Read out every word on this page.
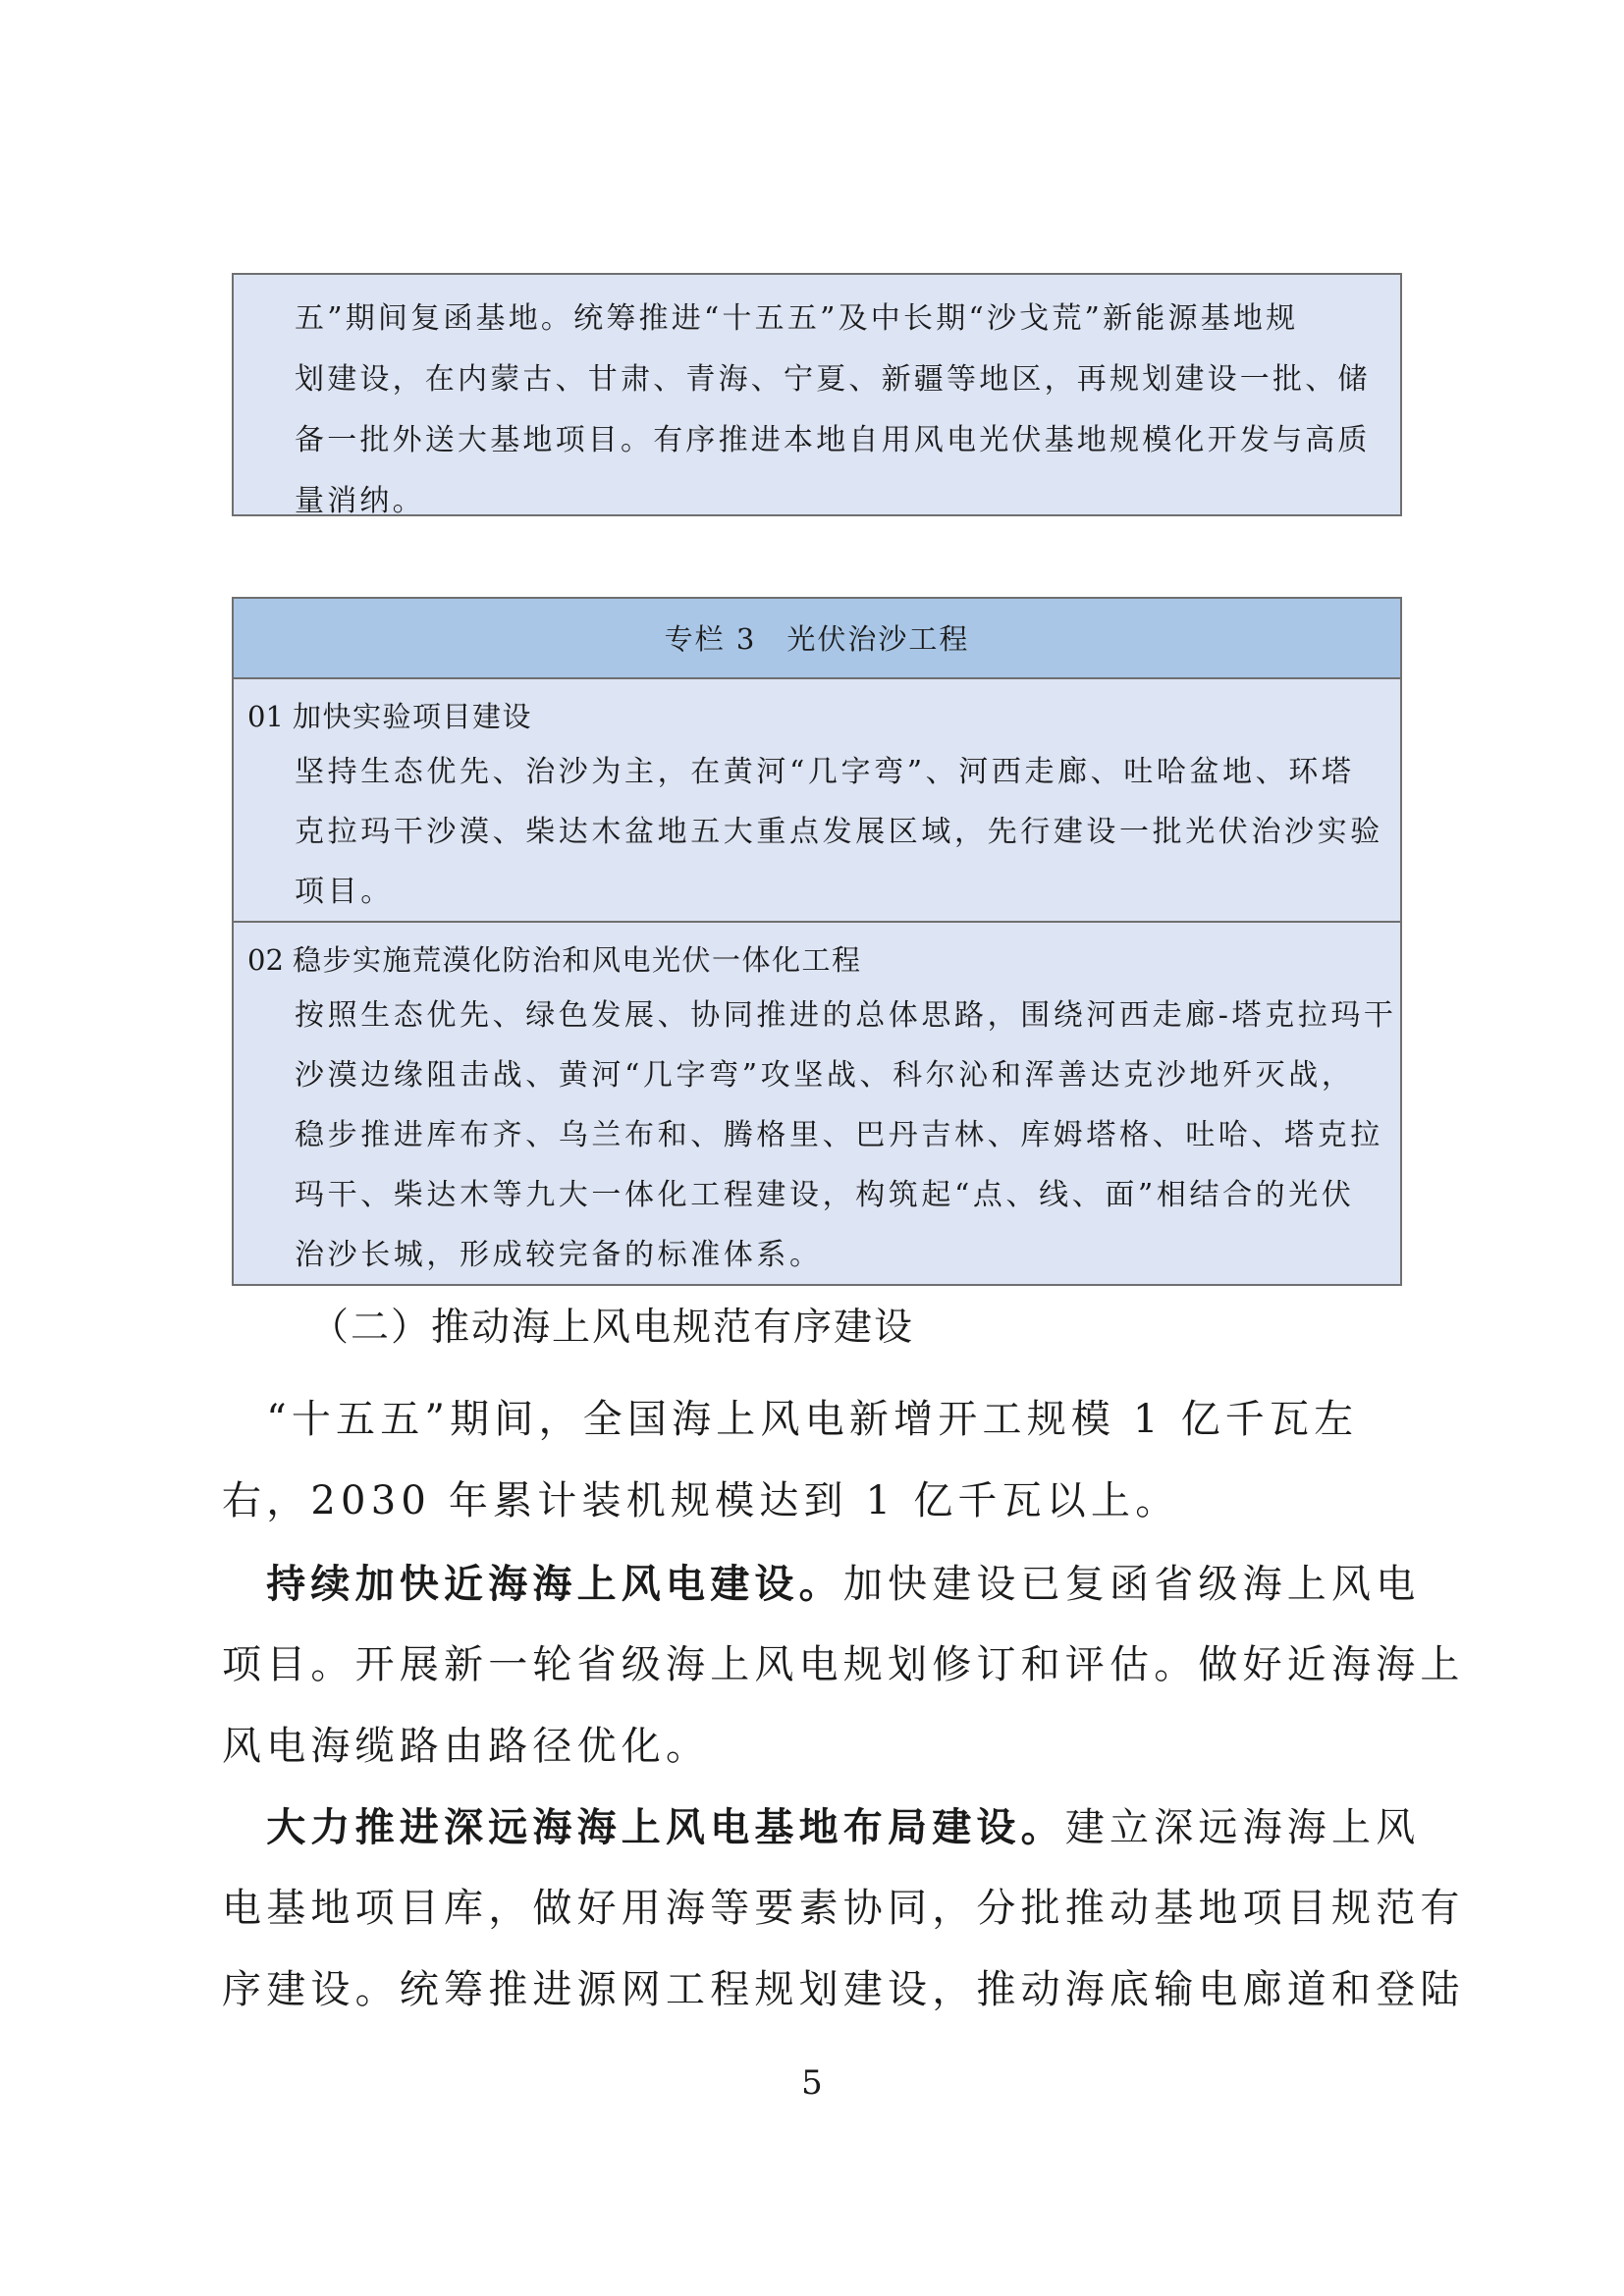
五”期间复函基地。统筹推进“十五五”及中长期“沙戈荒”新能源基地规
划建设，在内蒙古、甘肃、青海、宁夏、新疆等地区，再规划建设一批、储
备一批外送大基地项目。有序推进本地自用风电光伏基地规模化开发与高质
量消纳。
专栏 3　光伏治沙工程
01 加快实验项目建设
坚持生态优先、治沙为主，在黄河“几字弯”、河西走廊、吐哈盆地、环塔
克拉玛干沙漠、柴达木盆地五大重点发展区域，先行建设一批光伏治沙实验
项目。
02 稳步实施荒漠化防治和风电光伏一体化工程
按照生态优先、绿色发展、协同推进的总体思路，围绕河西走廊-塔克拉玛干
沙漠边缘阻击战、黄河“几字弯”攻坚战、科尔沁和浑善达克沙地歼灭战，
稳步推进库布齐、乌兰布和、腾格里、巴丹吉林、库姆塔格、吐哈、塔克拉
玛干、柴达木等九大一体化工程建设，构筑起“点、线、面”相结合的光伏
治沙长城，形成较完备的标准体系。
（二）推动海上风电规范有序建设
　“十五五”期间，全国海上风电新增开工规模 1 亿千瓦左
右，2030 年累计装机规模达到 1 亿千瓦以上。
　持续加快近海海上风电建设。加快建设已复函省级海上风电
项目。开展新一轮省级海上风电规划修订和评估。做好近海海上
风电海缆路由路径优化。
　大力推进深远海海上风电基地布局建设。建立深远海海上风
电基地项目库，做好用海等要素协同，分批推动基地项目规范有
序建设。统筹推进源网工程规划建设，推动海底输电廊道和登陆
5
